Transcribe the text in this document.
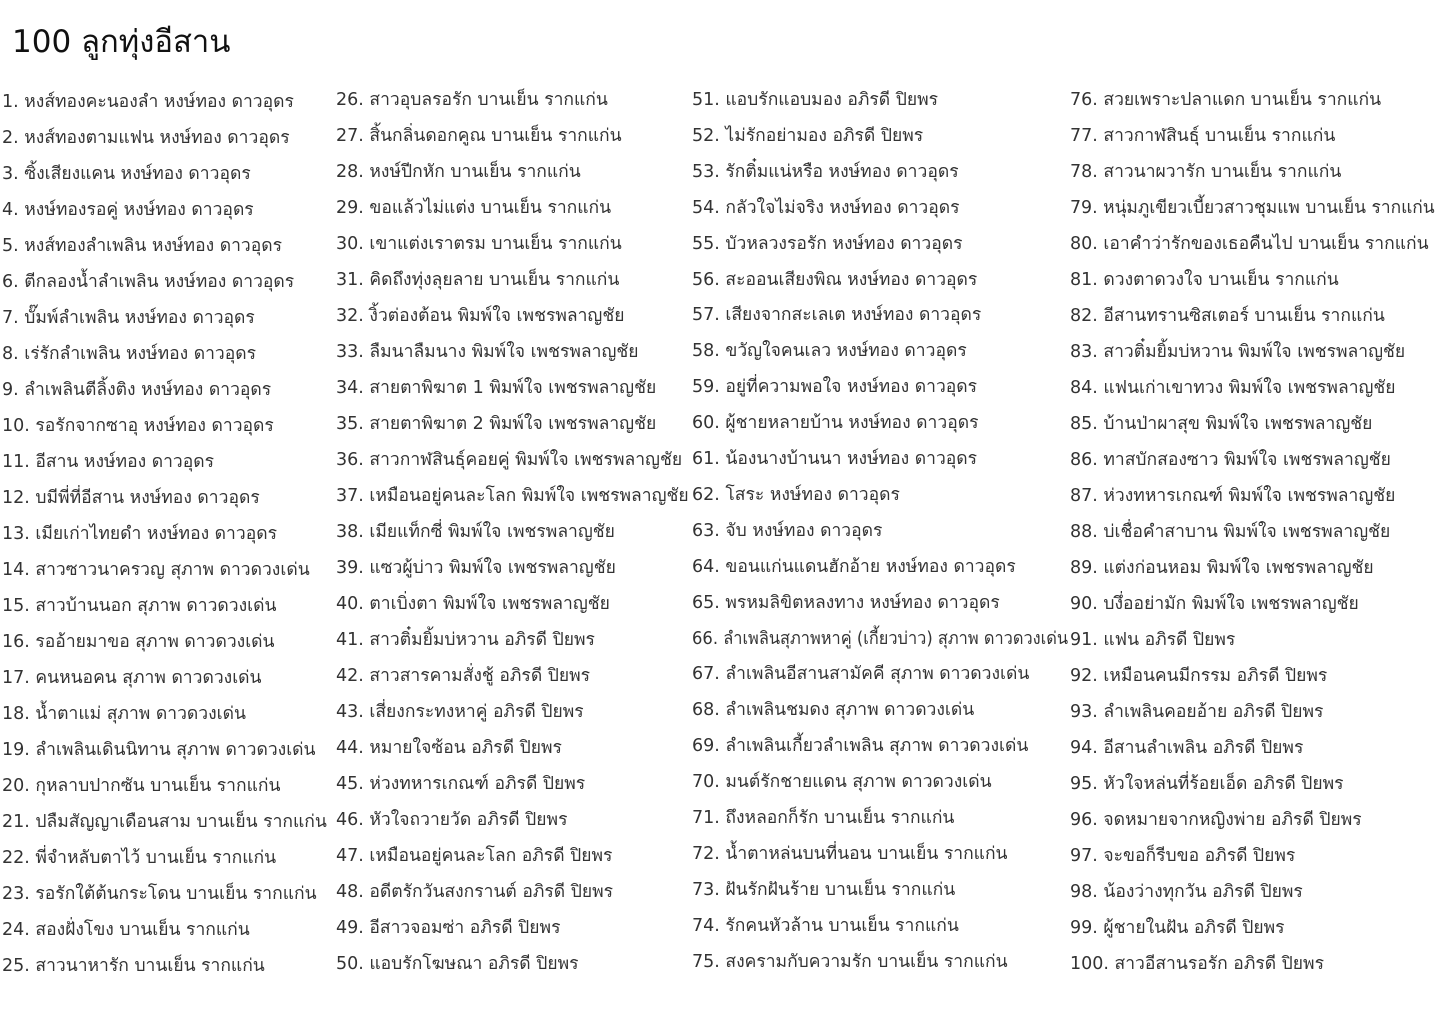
100 ลูกทุ่งอีสาน
1. หงส์ทองคะนองลำ หงษ์ทอง ดาวอุดร
2. หงส์ทองตามแฟน หงษ์ทอง ดาวอุดร
3. ซิ้งเสียงแคน หงษ์ทอง ดาวอุดร
4. หงษ์ทองรอคู่ หงษ์ทอง ดาวอุดร
5. หงส์ทองลำเพลิน หงษ์ทอง ดาวอุดร
6. ตีกลองน้ำลำเพลิน หงษ์ทอง ดาวอุดร
7. บั๊มพ์ลำเพลิน หงษ์ทอง ดาวอุดร
8. เร่รักลำเพลิน หงษ์ทอง ดาวอุดร
9. ลำเพลินตีลิ้งติง หงษ์ทอง ดาวอุดร
10. รอรักจากซาอุ หงษ์ทอง ดาวอุดร
11. อีสาน หงษ์ทอง ดาวอุดร
12. บมีพี่ที่อีสาน หงษ์ทอง ดาวอุดร
13. เมียเก่าไทยดำ หงษ์ทอง ดาวอุดร
14. สาวซาวนาครวญ สุภาพ ดาวดวงเด่น
15. สาวบ้านนอก สุภาพ ดาวดวงเด่น
16. รออ้ายมาขอ สุภาพ ดาวดวงเด่น
17. คนหนอคน สุภาพ ดาวดวงเด่น
18. น้ำตาแม่ สุภาพ ดาวดวงเด่น
19. ลำเพลินเดินนิทาน สุภาพ ดาวดวงเด่น
20. กุหลาบปากซัน บานเย็น รากแก่น
21. ปลืมสัญญาเดือนสาม บานเย็น รากแก่น
22. พี่จำหลับตาไว้ บานเย็น รากแก่น
23. รอรักใต้ต้นกระโดน บานเย็น รากแก่น
24. สองฝั่งโขง บานเย็น รากแก่น
25. สาวนาหารัก บานเย็น รากแก่น
26. สาวอุบลรอรัก บานเย็น รากแก่น
27. สิ้นกลิ่นดอกคูณ บานเย็น รากแก่น
28. หงษ์ปีกหัก บานเย็น รากแก่น
29. ขอแล้วไม่แต่ง บานเย็น รากแก่น
30. เขาแต่งเราตรม บานเย็น รากแก่น
31. คิดถึงทุ่งลุยลาย บานเย็น รากแก่น
32. งิ้วต่องต้อน พิมพ์ใจ เพชรพลาญชัย
33. ลืมนาลืมนาง พิมพ์ใจ เพชรพลาญชัย
34. สายตาพิฆาต 1 พิมพ์ใจ เพชรพลาญชัย
35. สายตาพิฆาต 2 พิมพ์ใจ เพชรพลาญชัย
36. สาวกาฬสินธุ์คอยคู่ พิมพ์ใจ เพชรพลาญชัย
37. เหมือนอยู่คนละโลก พิมพ์ใจ เพชรพลาญชัย
38. เมียแท็กซี่ พิมพ์ใจ เพชรพลาญชัย
39. แซวผู้บ่าว พิมพ์ใจ เพชรพลาญชัย
40. ตาเบิ่งตา พิมพ์ใจ เพชรพลาญชัย
41. สาวติ๋มยิ้มบ่หวาน อภิรดี ปิยพร
42. สาวสารคามสั่งชู้ อภิรดี ปิยพร
43. เสี่ยงกระทงหาคู่ อภิรดี ปิยพร
44. หมายใจซ้อน อภิรดี ปิยพร
45. ห่วงทหารเกณฑ์ อภิรดี ปิยพร
46. หัวใจถวายวัด อภิรดี ปิยพร
47. เหมือนอยู่คนละโลก อภิรดี ปิยพร
48. อดีตรักวันสงกรานต์ อภิรดี ปิยพร
49. อีสาวจอมซ่า อภิรดี ปิยพร
50. แอบรักโฆษณา อภิรดี ปิยพร
51. แอบรักแอบมอง อภิรดี ปิยพร
52. ไม่รักอย่ามอง อภิรดี ปิยพร
53. รักติ๋มแน่หรือ หงษ์ทอง ดาวอุดร
54. กลัวใจไม่จริง หงษ์ทอง ดาวอุดร
55. บัวหลวงรอรัก หงษ์ทอง ดาวอุดร
56. สะออนเสียงพิณ หงษ์ทอง ดาวอุดร
57. เสียงจากสะเลเต หงษ์ทอง ดาวอุดร
58. ขวัญใจคนเลว หงษ์ทอง ดาวอุดร
59. อยู่ที่ความพอใจ หงษ์ทอง ดาวอุดร
60. ผู้ชายหลายบ้าน หงษ์ทอง ดาวอุดร
61. น้องนางบ้านนา หงษ์ทอง ดาวอุดร
62. โสระ หงษ์ทอง ดาวอุดร
63. จับ หงษ์ทอง ดาวอุดร
64. ขอนแก่นแดนฮักอ้าย หงษ์ทอง ดาวอุดร
65. พรหมลิขิตหลงทาง หงษ์ทอง ดาวอุดร
66. ลำเพลินสุภาพหาคู่ (เกี้ยวบ่าว) สุภาพ ดาวดวงเด่น
67. ลำเพลินอีสานสามัคคี สุภาพ ดาวดวงเด่น
68. ลำเพลินชมดง สุภาพ ดาวดวงเด่น
69. ลำเพลินเกี้ยวลำเพลิน สุภาพ ดาวดวงเด่น
70. มนต์รักชายแดน สุภาพ ดาวดวงเด่น
71. ถึงหลอกก็รัก บานเย็น รากแก่น
72. น้ำตาหล่นบนที่นอน บานเย็น รากแก่น
73. ฝันรักฝันร้าย บานเย็น รากแก่น
74. รักคนหัวล้าน บานเย็น รากแก่น
75. สงครามกับความรัก บานเย็น รากแก่น
76. สวยเพราะปลาแดก บานเย็น รากแก่น
77. สาวกาฬสินธุ์ บานเย็น รากแก่น
78. สาวนาผวารัก บานเย็น รากแก่น
79. หนุ่มภูเขียวเบี้ยวสาวชุมแพ บานเย็น รากแก่น
80. เอาคำว่ารักของเธอคืนไป บานเย็น รากแก่น
81. ดวงตาดวงใจ บานเย็น รากแก่น
82. อีสานทรานซิสเตอร์ บานเย็น รากแก่น
83. สาวติ๋มยิ้มบ่หวาน พิมพ์ใจ เพชรพลาญชัย
84. แฟนเก่าเขาทวง พิมพ์ใจ เพชรพลาญชัย
85. บ้านป่าผาสุข พิมพ์ใจ เพชรพลาญชัย
86. ทาสบักสองซาว พิมพ์ใจ เพชรพลาญชัย
87. ห่วงทหารเกณฑ์ พิมพ์ใจ เพชรพลาญชัย
88. บ่เชื่อคำสาบาน พิมพ์ใจ เพชรพลาญชัย
89. แต่งก่อนหอม พิมพ์ใจ เพชรพลาญชัย
90. บงึ่ออย่ามัก พิมพ์ใจ เพชรพลาญชัย
91. แฟน อภิรดี ปิยพร
92. เหมือนคนมีกรรม อภิรดี ปิยพร
93. ลำเพลินคอยอ้าย อภิรดี ปิยพร
94. อีสานลำเพลิน อภิรดี ปิยพร
95. หัวใจหล่นที่ร้อยเอ็ด อภิรดี ปิยพร
96. จดหมายจากหญิงพ่าย อภิรดี ปิยพร
97. จะขอก็รีบขอ อภิรดี ปิยพร
98. น้องว่างทุกวัน อภิรดี ปิยพร
99. ผู้ชายในฝัน อภิรดี ปิยพร
100. สาวอีสานรอรัก อภิรดี ปิยพร
